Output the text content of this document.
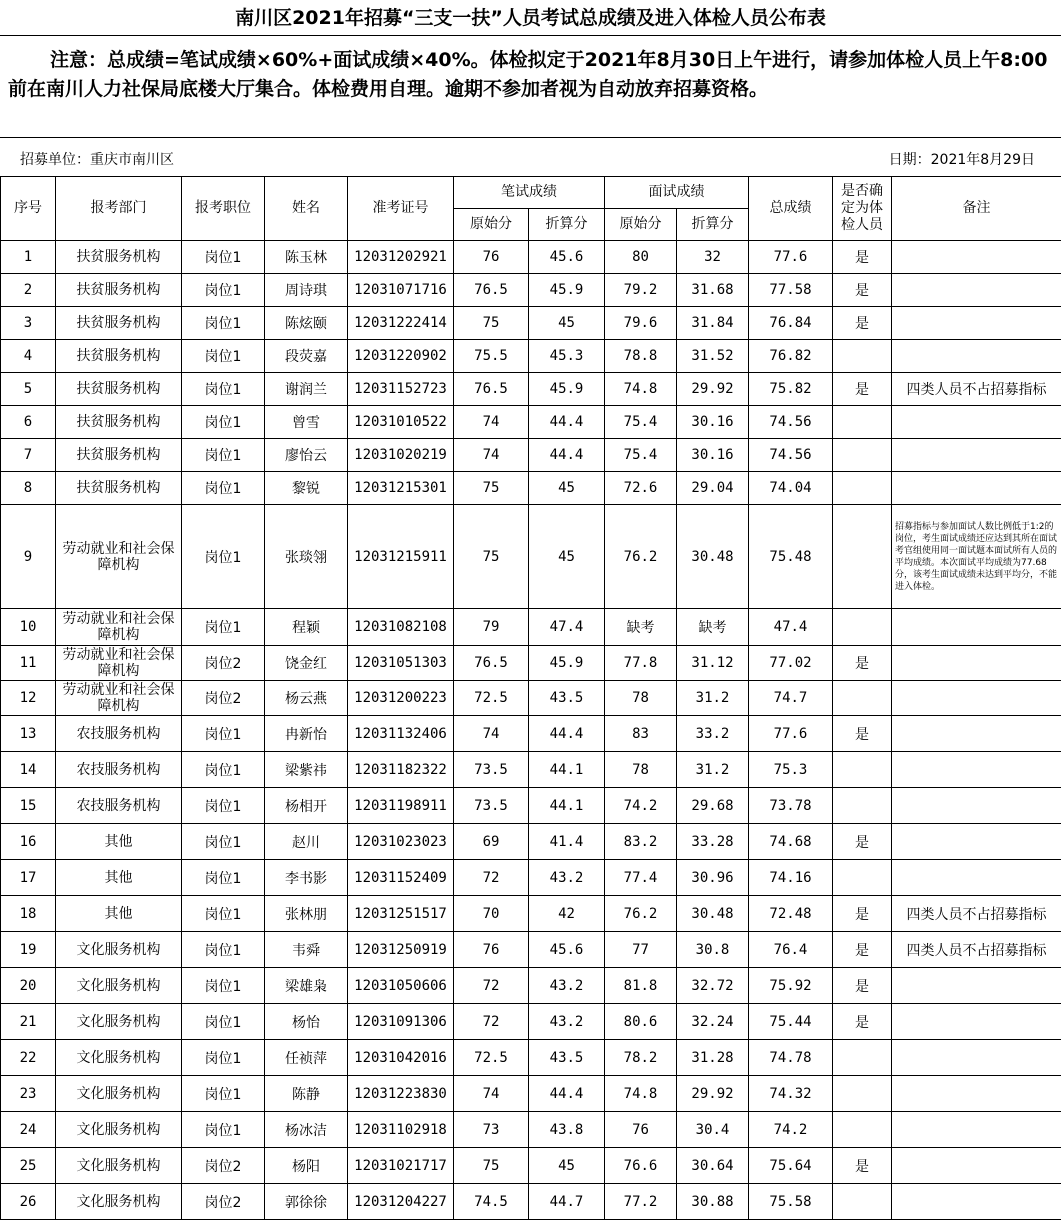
南川区2021年招募“三支一扶”人员考试总成绩及进入体检人员公布表
注意：总成绩=笔试成绩×60%+面试成绩×40%。体检拟定于2021年8月30日上午进行，请参加体检人员上午8:00前在南川人力社保局底楼大厅集合。体检费用自理。逾期不参加者视为自动放弃招募资格。
招募单位：重庆市南川区	日期：2021年8月29日
序号	报考部门	报考职位	姓名	准考证号	笔试成绩		面试成绩		总成绩	是否确定为体检人员	备注
					原始分	折算分	原始分	折算分			
1	扶贫服务机构	岗位1	陈玉林	12031202921	76	45.6	80	32	77.6	是	
2	扶贫服务机构	岗位1	周诗琪	12031071716	76.5	45.9	79.2	31.68	77.58	是	
3	扶贫服务机构	岗位1	陈炫颐	12031222414	75	45	79.6	31.84	76.84	是	
4	扶贫服务机构	岗位1	段荧嘉	12031220902	75.5	45.3	78.8	31.52	76.82		
5	扶贫服务机构	岗位1	谢润兰	12031152723	76.5	45.9	74.8	29.92	75.82	是	四类人员不占招募指标
6	扶贫服务机构	岗位1	曾雪	12031010522	74	44.4	75.4	30.16	74.56		
7	扶贫服务机构	岗位1	廖怡云	12031020219	74	44.4	75.4	30.16	74.56		
8	扶贫服务机构	岗位1	黎锐	12031215301	75	45	72.6	29.04	74.04		
9	劳动就业和社会保障机构	岗位1	张琰翎	12031215911	75	45	76.2	30.48	75.48		招募指标与参加面试人数比例低于1:2的岗位，考生面试成绩还应达到其所在面试考官组使用同一面试题本面试所有人员的平均成绩。本次面试平均成绩为77.68分，该考生面试成绩未达到平均分，不能进入体检。
10	劳动就业和社会保障机构	岗位1	程颖	12031082108	79	47.4	缺考	缺考	47.4		
11	劳动就业和社会保障机构	岗位2	饶金红	12031051303	76.5	45.9	77.8	31.12	77.02	是	
12	劳动就业和社会保障机构	岗位2	杨云燕	12031200223	72.5	43.5	78	31.2	74.7		
13	农技服务机构	岗位1	冉新怡	12031132406	74	44.4	83	33.2	77.6	是	
14	农技服务机构	岗位1	梁紫祎	12031182322	73.5	44.1	78	31.2	75.3		
15	农技服务机构	岗位1	杨相开	12031198911	73.5	44.1	74.2	29.68	73.78		
16	其他	岗位1	赵川	12031023023	69	41.4	83.2	33.28	74.68	是	
17	其他	岗位1	李书影	12031152409	72	43.2	77.4	30.96	74.16		
18	其他	岗位1	张林朋	12031251517	70	42	76.2	30.48	72.48	是	四类人员不占招募指标
19	文化服务机构	岗位1	韦舜	12031250919	76	45.6	77	30.8	76.4	是	四类人员不占招募指标
20	文化服务机构	岗位1	梁雄枭	12031050606	72	43.2	81.8	32.72	75.92	是	
21	文化服务机构	岗位1	杨怡	12031091306	72	43.2	80.6	32.24	75.44	是	
22	文化服务机构	岗位1	任祯萍	12031042016	72.5	43.5	78.2	31.28	74.78		
23	文化服务机构	岗位1	陈静	12031223830	74	44.4	74.8	29.92	74.32		
24	文化服务机构	岗位1	杨冰洁	12031102918	73	43.8	76	30.4	74.2		
25	文化服务机构	岗位2	杨阳	12031021717	75	45	76.6	30.64	75.64	是	
26	文化服务机构	岗位2	郭徐徐	12031204227	74.5	44.7	77.2	30.88	75.58		
